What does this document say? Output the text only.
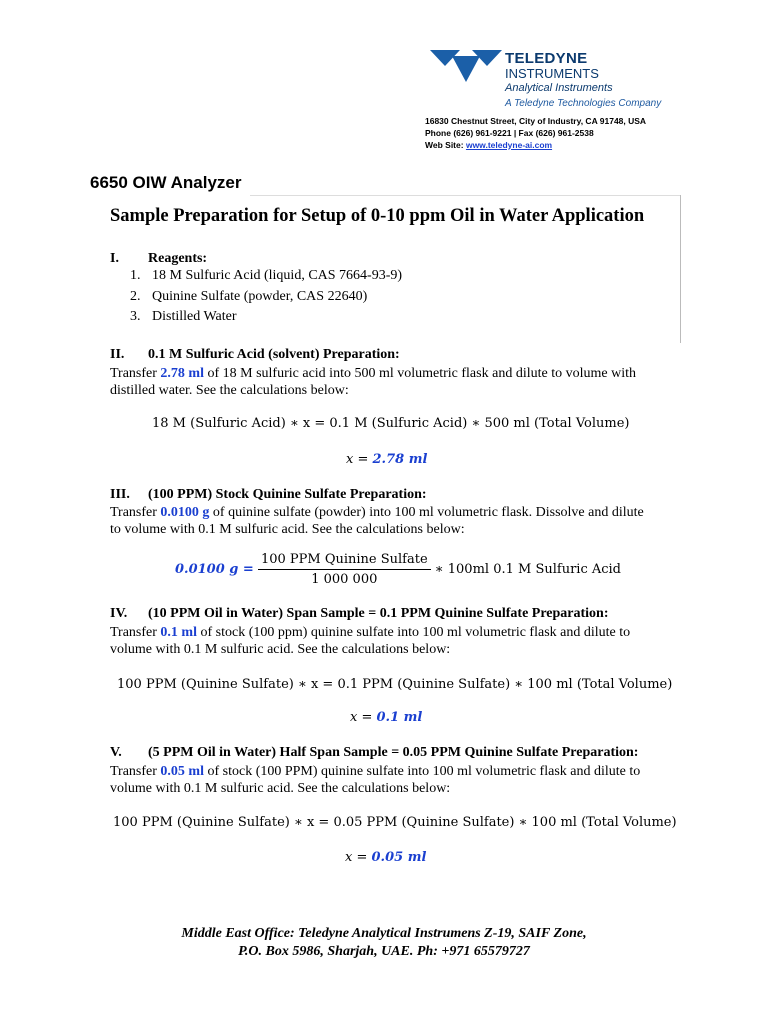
TELEDYNE
INSTRUMENTS
Analytical Instruments
A Teledyne Technologies Company
16830 Chestnut Street, City of Industry, CA 91748, USA
Phone (626) 961-9221 | Fax (626) 961-2538
Web Site: www.teledyne-ai.com
6650 OIW Analyzer
Sample Preparation for Setup of 0-10 ppm Oil in Water Application
I. Reagents:
1. 18 M Sulfuric Acid (liquid, CAS 7664-93-9)
2. Quinine Sulfate (powder, CAS 22640)
3. Distilled Water
II. 0.1 M Sulfuric Acid (solvent) Preparation:
Transfer 2.78 ml of 18 M sulfuric acid into 500 ml volumetric flask and dilute to volume with
distilled water. See the calculations below:
18 M (Sulfuric Acid) ∗ x = 0.1 M (Sulfuric Acid) ∗ 500 ml (Total Volume)
x = 2.78 ml
III. (100 PPM) Stock Quinine Sulfate Preparation:
Transfer 0.0100 g of quinine sulfate (powder) into 100 ml volumetric flask. Dissolve and dilute
to volume with 0.1 M sulfuric acid. See the calculations below:
0.0100 $g = \frac{\text{100 PPM Quinine Sulfate}}{1 000 000}$ ∗ 100ml 0.1 M Sulfuric Acid
IV. (10 PPM Oil in Water) Span Sample = 0.1 PPM Quinine Sulfate Preparation:
Transfer 0.1 ml of stock (100 ppm) quinine sulfate into 100 ml volumetric flask and dilute to
volume with 0.1 M sulfuric acid. See the calculations below:
100 PPM (Quinine Sulfate) ∗ x = 0.1 PPM (Quinine Sulfate) ∗ 100 ml (Total Volume)
x = 0.1 ml
V. (5 PPM Oil in Water) Half Span Sample = 0.05 PPM Quinine Sulfate Preparation:
Transfer 0.05 ml of stock (100 PPM) quinine sulfate into 100 ml volumetric flask and dilute to
volume with 0.1 M sulfuric acid. See the calculations below:
100 PPM (Quinine Sulfate) ∗ x = 0.05 PPM (Quinine Sulfate) ∗ 100 ml (Total Volume)
x = 0.05 ml
Middle East Office: Teledyne Analytical Instrumens Z-19, SAIF Zone,
P.O. Box 5986, Sharjah, UAE. Ph: +971 65579727
